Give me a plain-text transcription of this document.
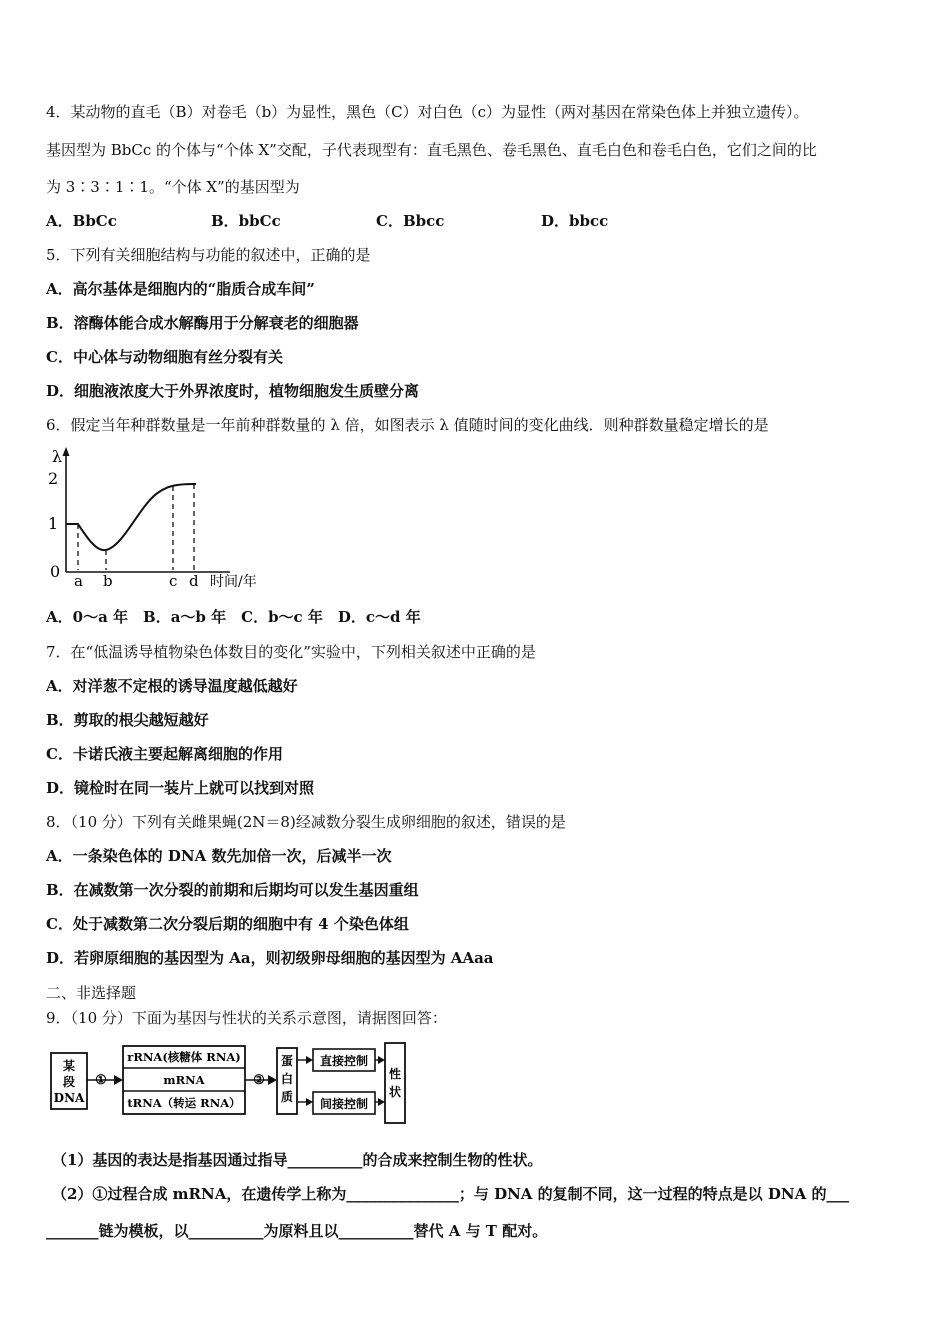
4．某动物的直毛（B）对卷毛（b）为显性，黑色（C）对白色（c）为显性（两对基因在常染色体上并独立遗传）。
基因型为 BbCc 的个体与“个体 X”交配，子代表现型有：直毛黑色、卷毛黑色、直毛白色和卷毛白色，它们之间的比
为 3∶3∶1∶1。“个体 X”的基因型为
A．BbCc	B．bbCc	C．Bbcc	D．bbcc
5．下列有关细胞结构与功能的叙述中，正确的是
A．高尔基体是细胞内的“脂质合成车间”
B．溶酶体能合成水解酶用于分解衰老的细胞器
C．中心体与动物细胞有丝分裂有关
D．细胞液浓度大于外界浓度时，植物细胞发生质壁分离
6．假定当年种群数量是一年前种群数量的 λ 倍，如图表示 λ 值随时间的变化曲线．则种群数量稳定增长的是
λ
2
1
0 a b	c d 时间/年
A．0～a 年　B．a～b 年　C．b～c 年　D．c～d 年
7．在“低温诱导植物染色体数目的变化”实验中，下列相关叙述中正确的是
A．对洋葱不定根的诱导温度越低越好
B．剪取的根尖越短越好
C．卡诺氏液主要起解离细胞的作用
D．镜检时在同一装片上就可以找到对照
8．（10 分）下列有关雌果蝇(2N＝8)经减数分裂生成卵细胞的叙述，错误的是
A．一条染色体的 DNA 数先加倍一次，后减半一次
B．在减数第一次分裂的前期和后期均可以发生基因重组
C．处于减数第二次分裂后期的细胞中有 4 个染色体组
D．若卵原细胞的基因型为 Aa，则初级卵母细胞的基因型为 AAaa
二、非选择题
9．（10 分）下面为基因与性状的关系示意图，请据图回答：
某
段
DNA
①
rRNA(核糖体 RNA)
mRNA
tRNA（转运 RNA）
②
蛋
白
质
直接控制
间接控制
性
状
（1）基因的表达是指基因通过指导__________的合成来控制生物的性状。
（2）①过程合成 mRNA，在遗传学上称为_______________；与 DNA 的复制不同，这一过程的特点是以 DNA 的___
_______链为模板，以__________为原料且以__________替代 A 与 T 配对。
